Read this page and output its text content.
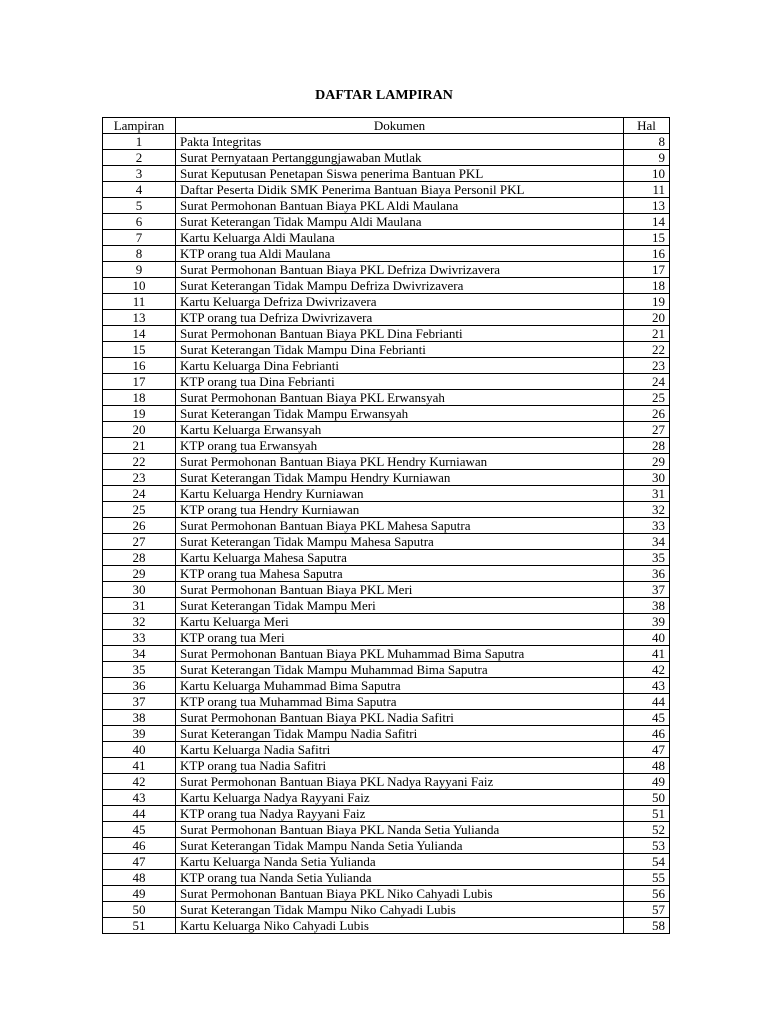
DAFTAR LAMPIRAN
Lampiran	Dokumen	Hal
1	Pakta Integritas	8
2	Surat Pernyataan Pertanggungjawaban Mutlak	9
3	Surat Keputusan Penetapan Siswa penerima Bantuan PKL	10
4	Daftar Peserta Didik SMK Penerima Bantuan Biaya Personil PKL	11
5	Surat Permohonan Bantuan Biaya PKL Aldi Maulana	13
6	Surat Keterangan Tidak Mampu Aldi Maulana	14
7	Kartu Keluarga Aldi Maulana	15
8	KTP orang tua Aldi Maulana	16
9	Surat Permohonan Bantuan Biaya PKL Defriza Dwivrizavera	17
10	Surat Keterangan Tidak Mampu Defriza Dwivrizavera	18
11	Kartu Keluarga Defriza Dwivrizavera	19
13	KTP orang tua Defriza Dwivrizavera	20
14	Surat Permohonan Bantuan Biaya PKL Dina Febrianti	21
15	Surat Keterangan Tidak Mampu Dina Febrianti	22
16	Kartu Keluarga Dina Febrianti	23
17	KTP orang tua Dina Febrianti	24
18	Surat Permohonan Bantuan Biaya PKL Erwansyah	25
19	Surat Keterangan Tidak Mampu Erwansyah	26
20	Kartu Keluarga Erwansyah	27
21	KTP orang tua Erwansyah	28
22	Surat Permohonan Bantuan Biaya PKL Hendry Kurniawan	29
23	Surat Keterangan Tidak Mampu Hendry Kurniawan	30
24	Kartu Keluarga Hendry Kurniawan	31
25	KTP orang tua Hendry Kurniawan	32
26	Surat Permohonan Bantuan Biaya PKL Mahesa Saputra	33
27	Surat Keterangan Tidak Mampu Mahesa Saputra	34
28	Kartu Keluarga Mahesa Saputra	35
29	KTP orang tua Mahesa Saputra	36
30	Surat Permohonan Bantuan Biaya PKL Meri	37
31	Surat Keterangan Tidak Mampu Meri	38
32	Kartu Keluarga Meri	39
33	KTP orang tua Meri	40
34	Surat Permohonan Bantuan Biaya PKL Muhammad Bima Saputra	41
35	Surat Keterangan Tidak Mampu Muhammad Bima Saputra	42
36	Kartu Keluarga Muhammad Bima Saputra	43
37	KTP orang tua Muhammad Bima Saputra	44
38	Surat Permohonan Bantuan Biaya PKL Nadia Safitri	45
39	Surat Keterangan Tidak Mampu Nadia Safitri	46
40	Kartu Keluarga Nadia Safitri	47
41	KTP orang tua Nadia Safitri	48
42	Surat Permohonan Bantuan Biaya PKL Nadya Rayyani Faiz	49
43	Kartu Keluarga Nadya Rayyani Faiz	50
44	KTP orang tua Nadya Rayyani Faiz	51
45	Surat Permohonan Bantuan Biaya PKL Nanda Setia Yulianda	52
46	Surat Keterangan Tidak Mampu Nanda Setia Yulianda	53
47	Kartu Keluarga Nanda Setia Yulianda	54
48	KTP orang tua Nanda Setia Yulianda	55
49	Surat Permohonan Bantuan Biaya PKL Niko Cahyadi Lubis	56
50	Surat Keterangan Tidak Mampu Niko Cahyadi Lubis	57
51	Kartu Keluarga Niko Cahyadi Lubis	58
